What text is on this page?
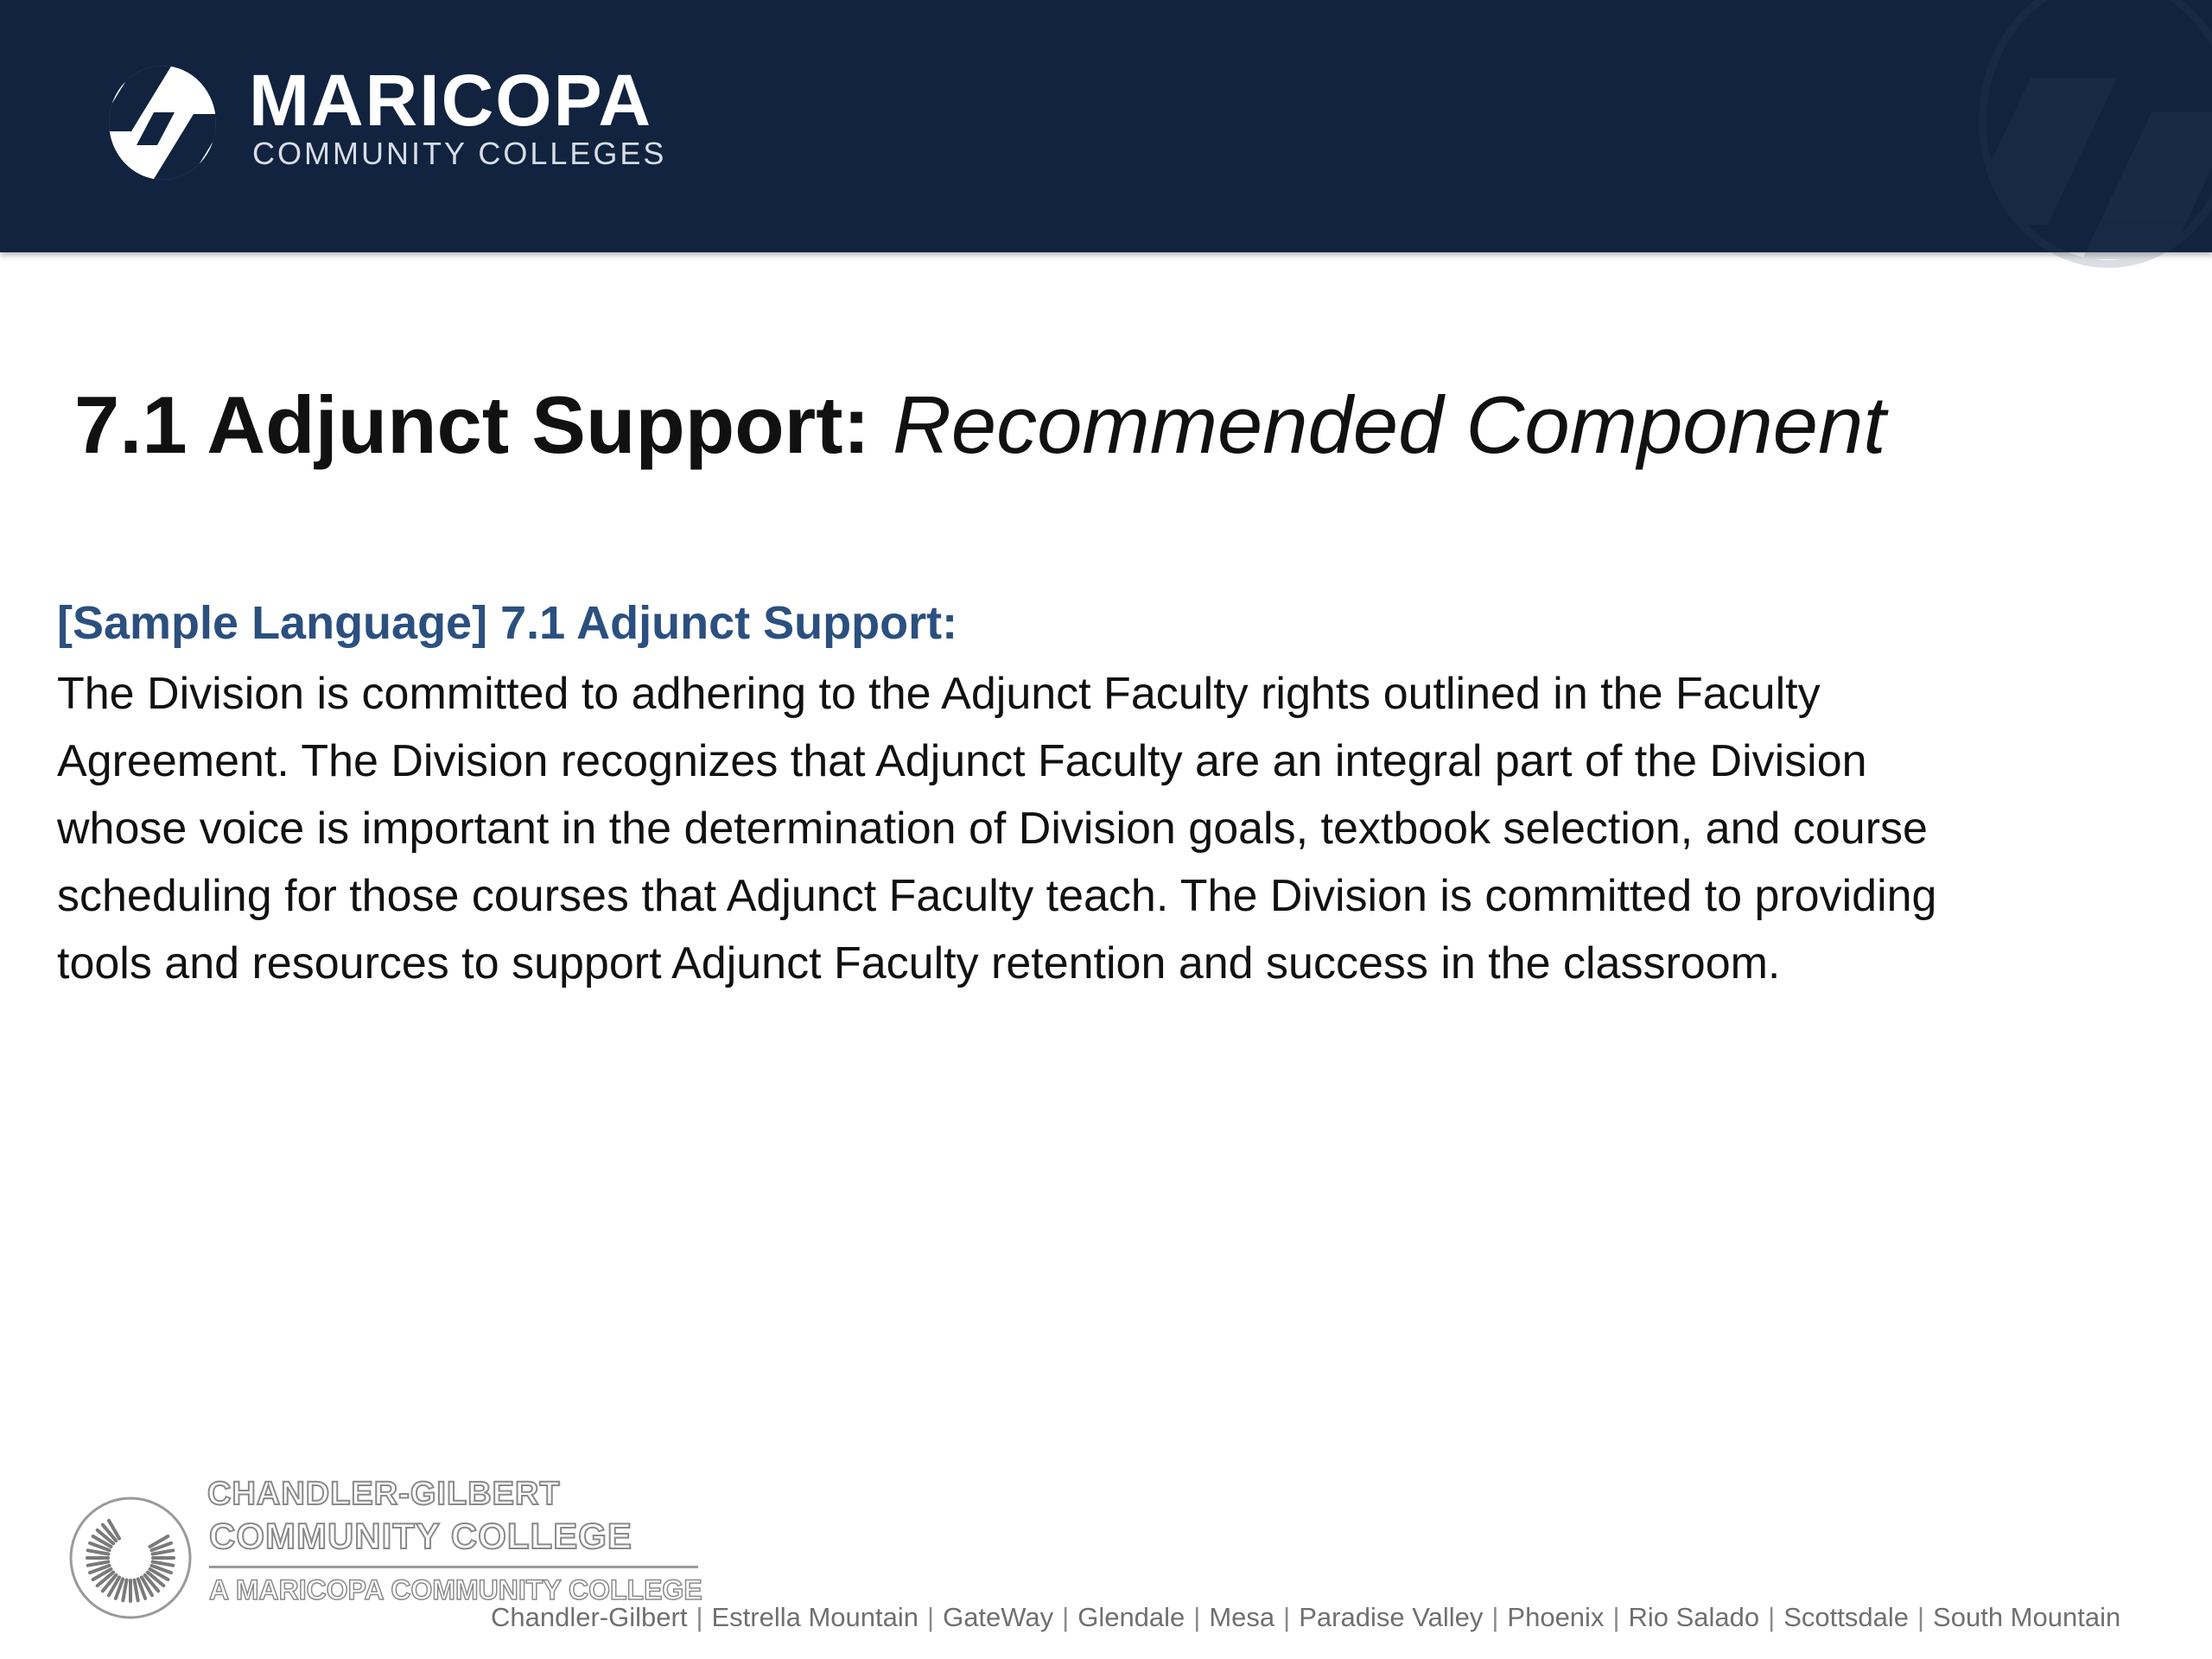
MARICOPA
COMMUNITY COLLEGES
7.1 Adjunct Support: Recommended Component
[Sample Language] 7.1 Adjunct Support:
The Division is committed to adhering to the Adjunct Faculty rights outlined in the Faculty
Agreement. The Division recognizes that Adjunct Faculty are an integral part of the Division
whose voice is important in the determination of Division goals, textbook selection, and course
scheduling for those courses that Adjunct Faculty teach. The Division is committed to providing
tools and resources to support Adjunct Faculty retention and success in the classroom.
CHANDLER-GILBERT
COMMUNITY COLLEGE
A MARICOPA COMMUNITY COLLEGE
Chandler-Gilbert | Estrella Mountain | GateWay | Glendale | Mesa | Paradise Valley | Phoenix | Rio Salado | Scottsdale | South Mountain
